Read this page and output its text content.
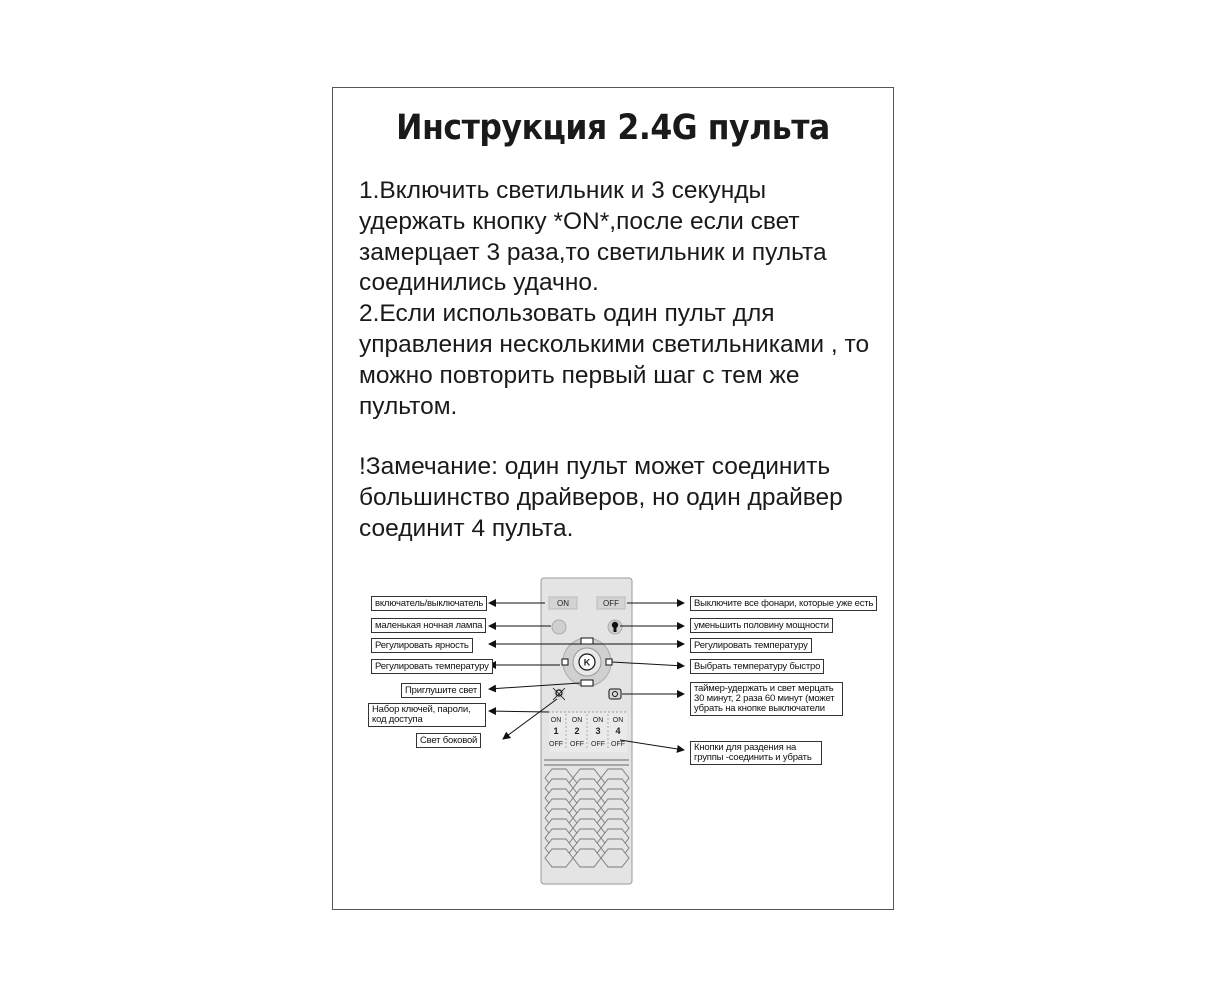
Инструкция 2.4G пульта

1.Включить светильник и 3 секунды удержать кнопку *ON*,после если свет замерцает 3 раза,то светильник и пульта соединились удачно.

2.Если использовать один пульт для управления несколькими светильниками , то можно повторить первый шаг с тем же пультом.

!Замечание: один пульт может соединить большинство драйверов, но один драйвер соединит 4 пульта.

ON	OFF
K
ON
1
OFF
ON
2
OFF
ON
3
OFF
ON
4
OFF
включатель/выключатель
маленькая ночная лампа
Регулировать ярность
Регулировать температуру
Приглушите свет
Набор ключей, пароли, код доступа
Свет боковой
Выключите все фонари, которые уже есть
уменьшить половину мощности
Регулировать температуру
Выбрать температуру быстро
таймер-удержать и свет мерцать 30 минут, 2 раза 60 минут (может убрать на кнопке выключатели
Кнопки для раздения на группы -соединить и убрать
